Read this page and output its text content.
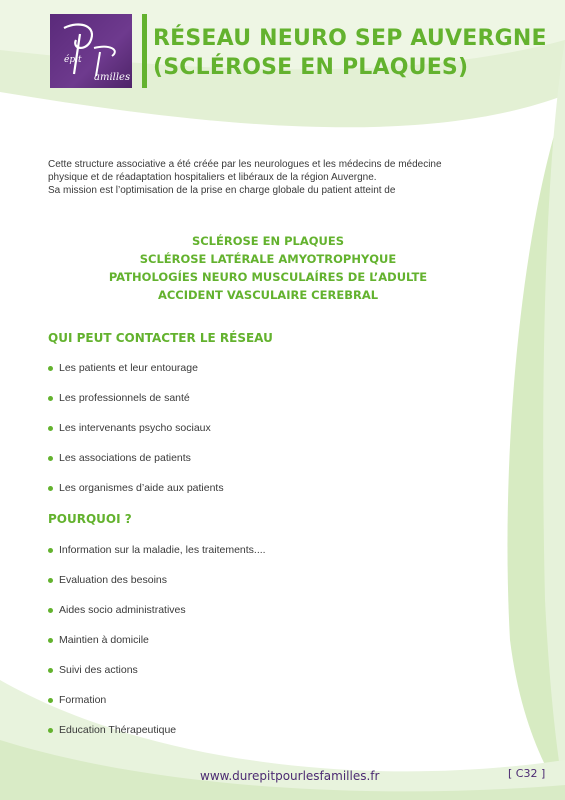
épit
amilles
RÉSEAU NEURO SEP AUVERGNE
(SCLÉROSE EN PLAQUES)
Cette structure associative a été créée par les neurologues et les médecins de médecine
physique et de réadaptation hospitaliers et libéraux de la région Auvergne.
Sa mission est l’optimisation de la prise en charge globale du patient atteint de
SCLÉROSE EN PLAQUES
SCLÉROSE LATÉRALE AMYOTROPHYQUE
PATHOLOGÍES NEURO MUSCULAÍRES DE L’ADULTE
ACCIDENT VASCULAIRE CEREBRAL
QUI PEUT CONTACTER LE RÉSEAU
Les patients et leur entourage
Les professionnels de santé
Les intervenants psycho sociaux
Les associations de patients
Les organismes d’aide aux patients
POURQUOI ?
Information sur la maladie, les traitements....
Evaluation des besoins
Aides socio administratives
Maintien à domicile
Suivi des actions
Formation
Education Thérapeutique
www.durepitpourlesfamilles.fr	[ C32 ]
